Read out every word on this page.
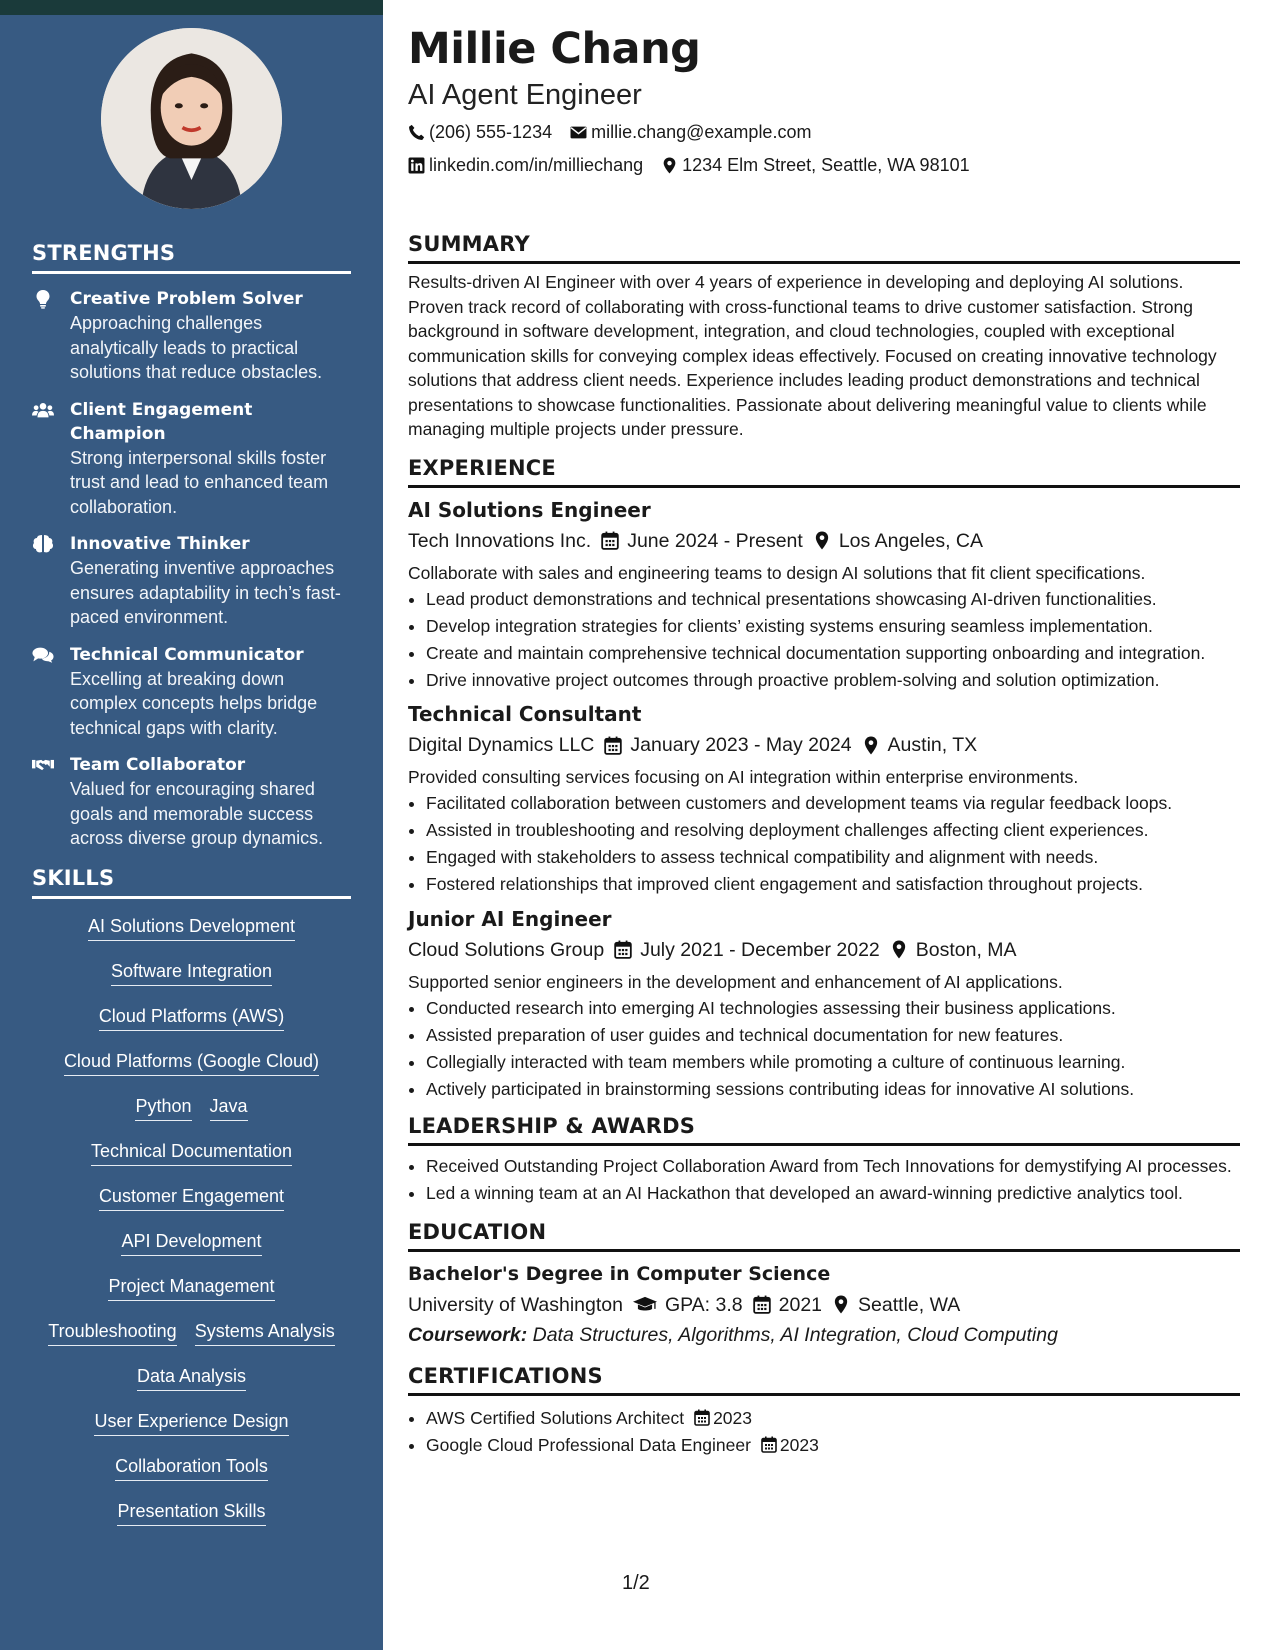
STRENGTHS
Creative Problem Solver
Approaching challenges analytically leads to practical solutions that reduce obstacles.
Client Engagement Champion
Strong interpersonal skills foster trust and lead to enhanced team collaboration.
Innovative Thinker
Generating inventive approaches ensures adaptability in tech’s fast-paced environment.
Technical Communicator
Excelling at breaking down complex concepts helps bridge technical gaps with clarity.
Team Collaborator
Valued for encouraging shared goals and memorable success across diverse group dynamics.
SKILLS
AI Solutions Development
Software Integration
Cloud Platforms (AWS)
Cloud Platforms (Google Cloud)
Python Java
Technical Documentation
Customer Engagement
API Development
Project Management
Troubleshooting Systems Analysis
Data Analysis
User Experience Design
Collaboration Tools
Presentation Skills
Millie Chang
AI Agent Engineer
(206) 555-1234 millie.chang@example.com
linkedin.com/in/milliechang 1234 Elm Street, Seattle, WA 98101
SUMMARY
Results-driven AI Engineer with over 4 years of experience in developing and deploying AI solutions. Proven track record of collaborating with cross-functional teams to drive customer satisfaction. Strong background in software development, integration, and cloud technologies, coupled with exceptional communication skills for conveying complex ideas effectively. Focused on creating innovative technology solutions that address client needs. Experience includes leading product demonstrations and technical presentations to showcase functionalities. Passionate about delivering meaningful value to clients while managing multiple projects under pressure.
EXPERIENCE
AI Solutions Engineer
Tech Innovations Inc. June 2024 - Present Los Angeles, CA
Collaborate with sales and engineering teams to design AI solutions that fit client specifications.
• Lead product demonstrations and technical presentations showcasing AI-driven functionalities.
• Develop integration strategies for clients’ existing systems ensuring seamless implementation.
• Create and maintain comprehensive technical documentation supporting onboarding and integration.
• Drive innovative project outcomes through proactive problem-solving and solution optimization.
Technical Consultant
Digital Dynamics LLC January 2023 - May 2024 Austin, TX
Provided consulting services focusing on AI integration within enterprise environments.
• Facilitated collaboration between customers and development teams via regular feedback loops.
• Assisted in troubleshooting and resolving deployment challenges affecting client experiences.
• Engaged with stakeholders to assess technical compatibility and alignment with needs.
• Fostered relationships that improved client engagement and satisfaction throughout projects.
Junior AI Engineer
Cloud Solutions Group July 2021 - December 2022 Boston, MA
Supported senior engineers in the development and enhancement of AI applications.
• Conducted research into emerging AI technologies assessing their business applications.
• Assisted preparation of user guides and technical documentation for new features.
• Collegially interacted with team members while promoting a culture of continuous learning.
• Actively participated in brainstorming sessions contributing ideas for innovative AI solutions.
LEADERSHIP & AWARDS
• Received Outstanding Project Collaboration Award from Tech Innovations for demystifying AI processes.
• Led a winning team at an AI Hackathon that developed an award-winning predictive analytics tool.
EDUCATION
Bachelor's Degree in Computer Science
University of Washington GPA: 3.8 2021 Seattle, WA
Coursework: Data Structures, Algorithms, AI Integration, Cloud Computing
CERTIFICATIONS
• AWS Certified Solutions Architect 2023
• Google Cloud Professional Data Engineer 2023
1/2
